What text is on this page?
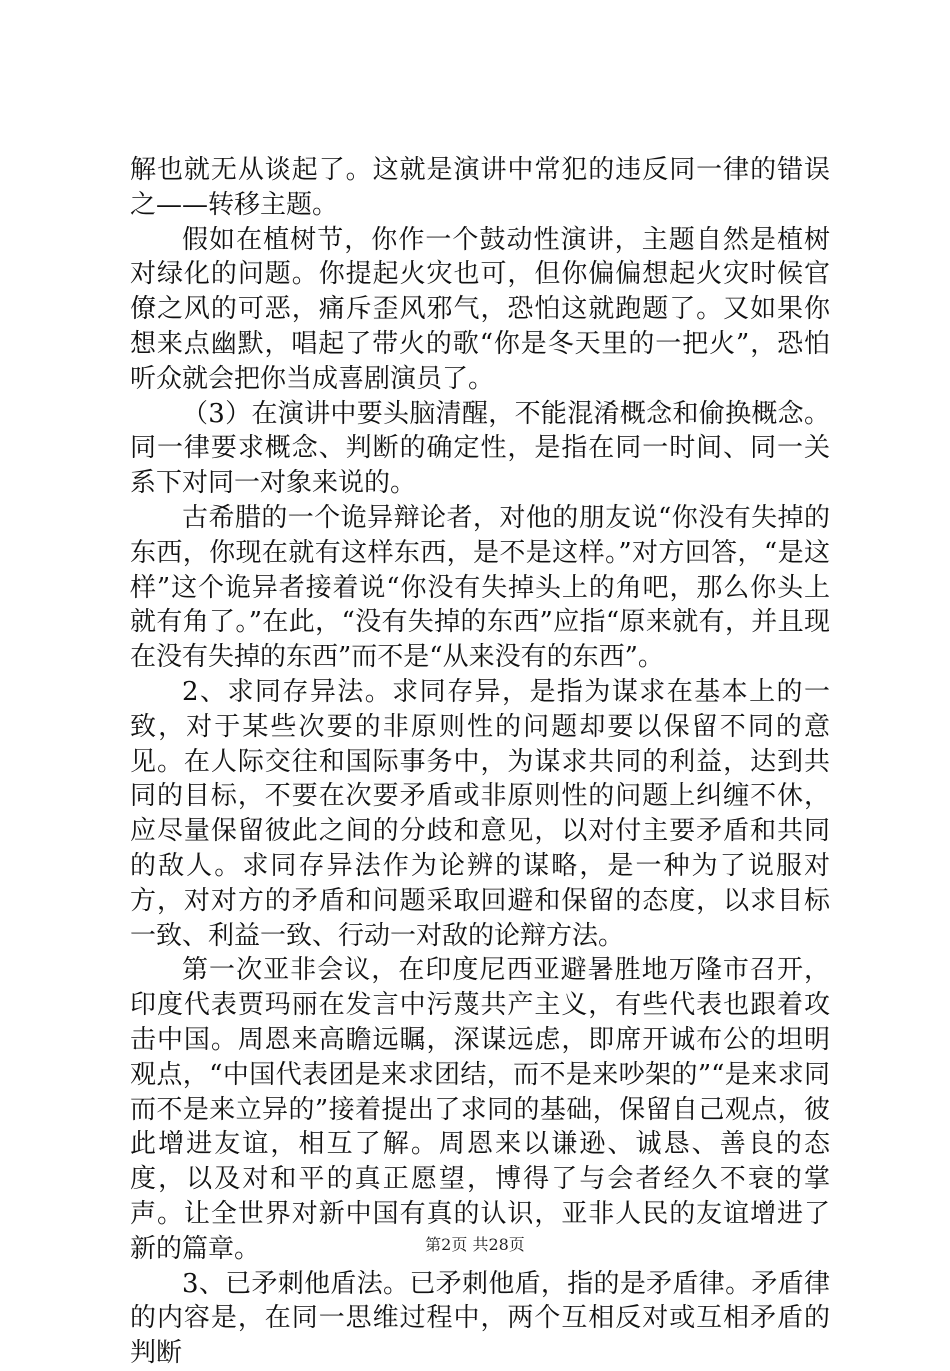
解也就无从谈起了。这就是演讲中常犯的违反同一律的错误之——转移主题。

假如在植树节，你作一个鼓动性演讲，主题自然是植树对绿化的问题。你提起火灾也可，但你偏偏想起火灾时候官僚之风的可恶，痛斥歪风邪气，恐怕这就跑题了。又如果你想来点幽默，唱起了带火的歌“你是冬天里的一把火”，恐怕听众就会把你当成喜剧演员了。

（3）在演讲中要头脑清醒，不能混淆概念和偷换概念。同一律要求概念、判断的确定性，是指在同一时间、同一关系下对同一对象来说的。

古希腊的一个诡异辩论者，对他的朋友说“你没有失掉的东西，你现在就有这样东西，是不是这样。”对方回答，“是这样”这个诡异者接着说“你没有失掉头上的角吧，那么你头上就有角了。”在此，“没有失掉的东西”应指“原来就有，并且现在没有失掉的东西”而不是“从来没有的东西”。

2、求同存异法。求同存异，是指为谋求在基本上的一致，对于某些次要的非原则性的问题却要以保留不同的意见。在人际交往和国际事务中，为谋求共同的利益，达到共同的目标，不要在次要矛盾或非原则性的问题上纠缠不休，应尽量保留彼此之间的分歧和意见，以对付主要矛盾和共同的敌人。求同存异法作为论辨的谋略，是一种为了说服对方，对对方的矛盾和问题采取回避和保留的态度，以求目标一致、利益一致、行动一对敌的论辩方法。

第一次亚非会议，在印度尼西亚避暑胜地万隆市召开，印度代表贾玛丽在发言中污蔑共产主义，有些代表也跟着攻击中国。周恩来高瞻远瞩，深谋远虑，即席开诚布公的坦明观点，“中国代表团是来求团结，而不是来吵架的”“是来求同而不是来立异的”接着提出了求同的基础，保留自己观点，彼此增进友谊，相互了解。周恩来以谦逊、诚恳、善良的态度，以及对和平的真正愿望，博得了与会者经久不衰的掌声。让全世界对新中国有真的认识，亚非人民的友谊增进了新的篇章。

3、已矛刺他盾法。已矛刺他盾，指的是矛盾律。矛盾律的内容是，在同一思维过程中，两个互相反对或互相矛盾的判断

第2页 共28页
